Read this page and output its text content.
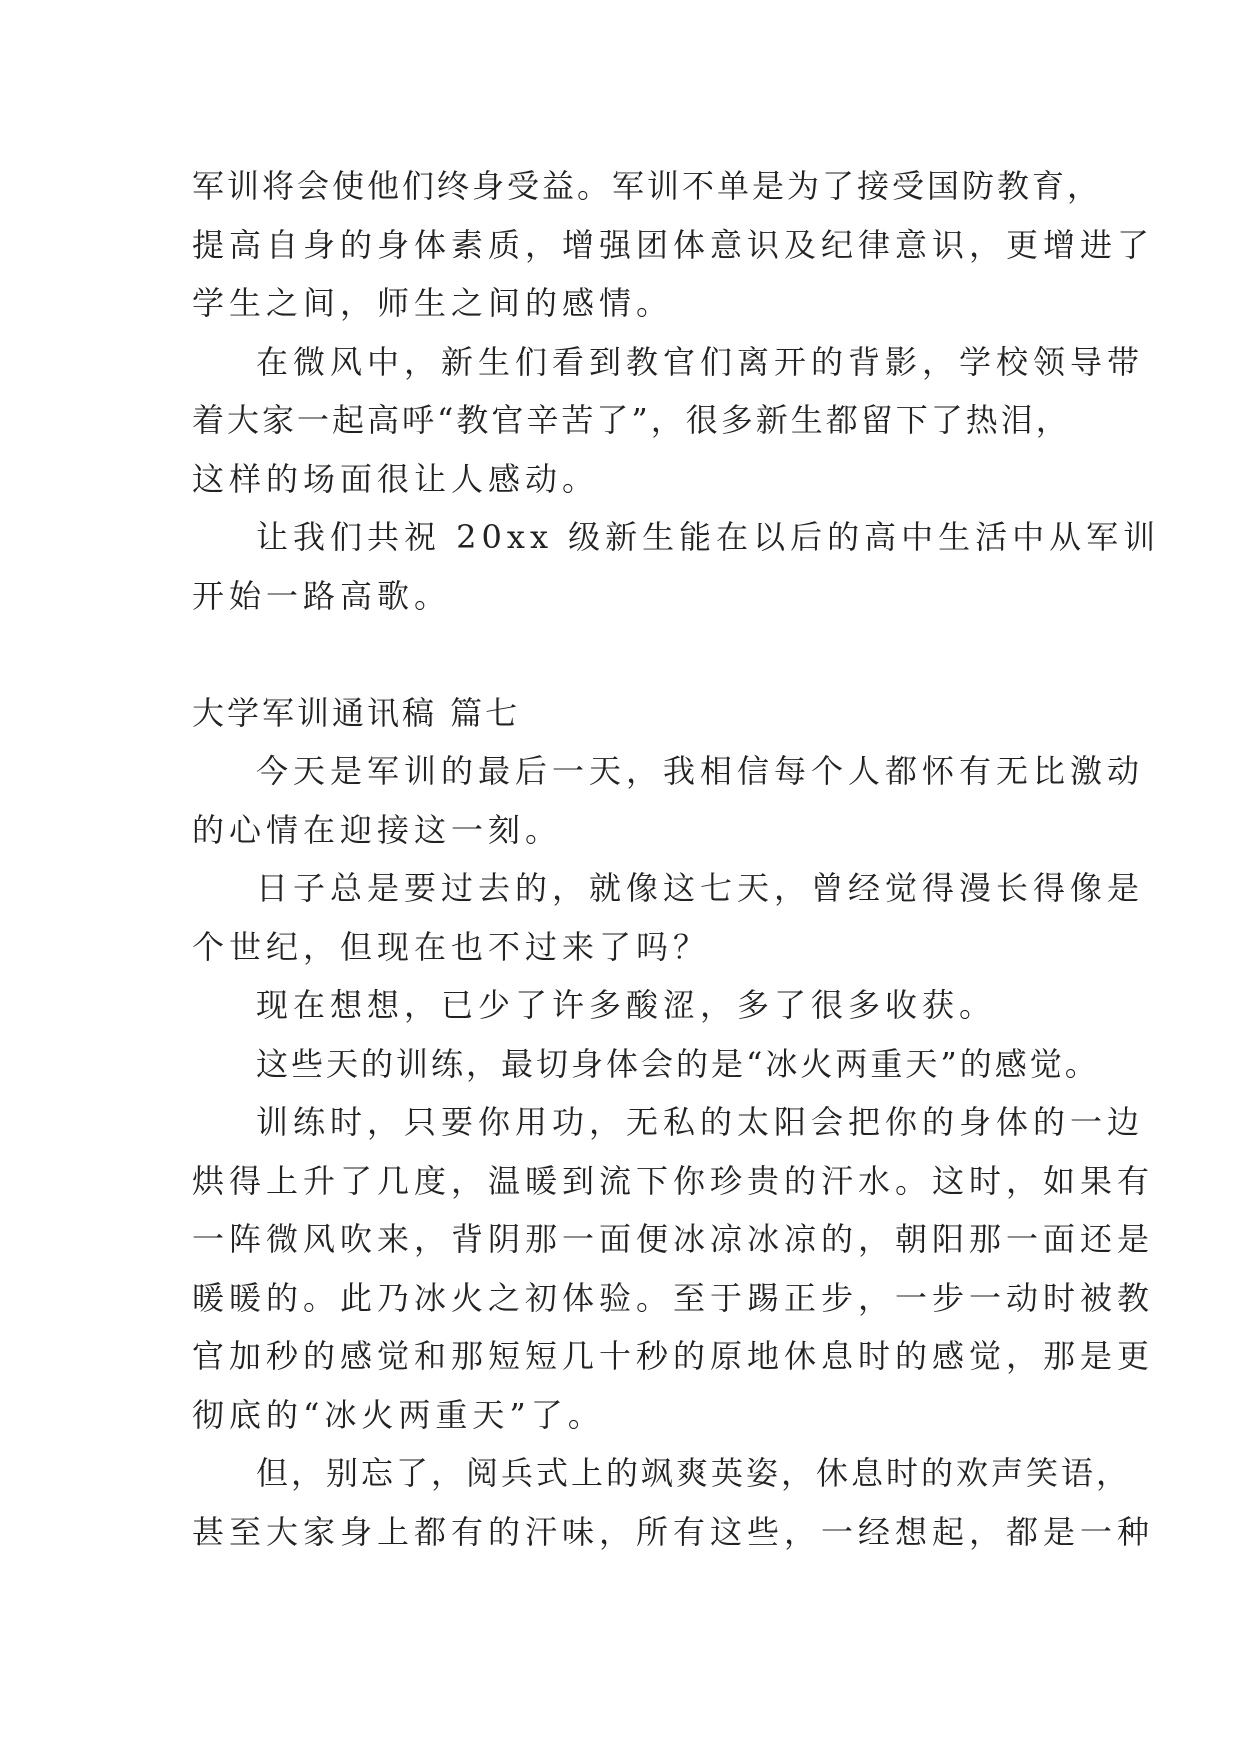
军训将会使他们终身受益。军训不单是为了接受国防教育，
提高自身的身体素质，增强团体意识及纪律意识，更增进了
学生之间，师生之间的感情。
在微风中，新生们看到教官们离开的背影，学校领导带
着大家一起高呼“教官辛苦了”，很多新生都留下了热泪，
这样的场面很让人感动。
让我们共祝 20xx 级新生能在以后的高中生活中从军训
开始一路高歌。
大学军训通讯稿 篇七
今天是军训的最后一天，我相信每个人都怀有无比激动
的心情在迎接这一刻。
日子总是要过去的，就像这七天，曾经觉得漫长得像是
个世纪，但现在也不过来了吗？
现在想想，已少了许多酸涩，多了很多收获。
这些天的训练，最切身体会的是“冰火两重天”的感觉。
训练时，只要你用功，无私的太阳会把你的身体的一边
烘得上升了几度，温暖到流下你珍贵的汗水。这时，如果有
一阵微风吹来，背阴那一面便冰凉冰凉的，朝阳那一面还是
暖暖的。此乃冰火之初体验。至于踢正步，一步一动时被教
官加秒的感觉和那短短几十秒的原地休息时的感觉，那是更
彻底的“冰火两重天”了。
但，别忘了，阅兵式上的飒爽英姿，休息时的欢声笑语，
甚至大家身上都有的汗味，所有这些，一经想起，都是一种
